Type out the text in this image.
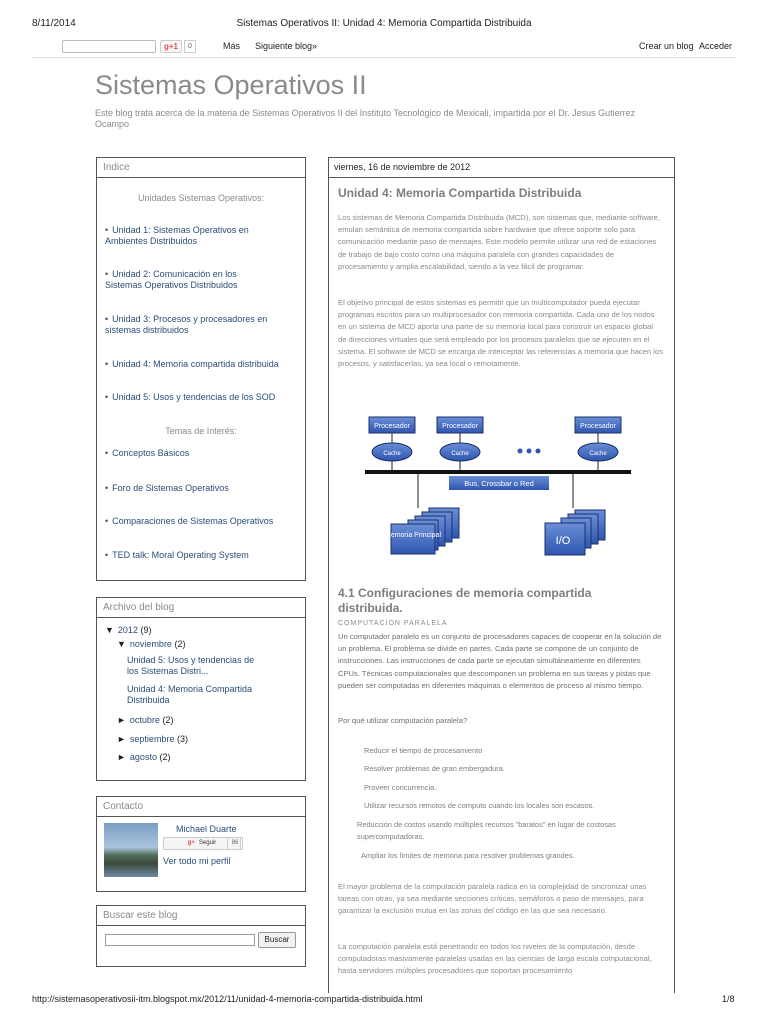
8/11/2014	Sistemas Operativos II: Unidad 4: Memoria Compartida Distribuida
g+1	0	Más Siguiente blog»	Crear un blog Acceder
Sistemas Operativos II
Este blog trata acerca de la materia de Sistemas Operativos II del Instituto Tecnológico de Mexicali, impartida por el Dr. Jesus Gutierrez Ocampo
Indice
Unidades Sistemas Operativos:
• Unidad 1: Sistemas Operativos en Ambientes Distribuidos
• Unidad 2: Comunicación en los Sistemas Operativos Distribuidos
• Unidad 3: Procesos y procesadores en sistemas distribuidos
• Unidad 4: Memoria compartida distribuida
• Unidad 5: Usos y tendencias de los SOD
Temas de Interés:
• Conceptos Básicos
• Foro de Sistemas Operativos
• Comparaciones de Sistemas Operativos
• TED talk: Moral Operating System
Archivo del blog
▼ 2012 (9)
▼ noviembre (2)
Unidad 5: Usos y tendencias de los Sistemas Distri...
Unidad 4: Memoria Compartida Distribuida
► octubre (2)
► septiembre (3)
► agosto (2)
Contacto
Michael Duarte
g+ Seguir	86
Ver todo mi perfil
Buscar este blog
Buscar
viernes, 16 de noviembre de 2012
Unidad 4: Memoria Compartida Distribuida
Los sistemas de Memoria Compartida Distribuida (MCD), son sistemas que, mediante software, emulan semántica de memoria compartida sobre hardware que ofrece soporte solo para comunicación mediante paso de mensajes. Este modelo permite utilizar una red de estaciones de trabajo de bajo costo como una máquina paralela con grandes capacidades de procesamiento y amplia escalabilidad, siendo a la vez fácil de programar.
El objetivo principal de estos sistemas es permitir que un multicomputador pueda ejecutar programas escritos para un multiprocesador con memoria compartida. Cada uno de los nodos en un sistema de MCD aporta una parte de su memoria local para construir un espacio global de direcciones virtuales que será empleado por los procesos paralelos que se ejecuten en el sistema. El software de MCD se encarga de interceptar las referencias a memoria que hacen los procesos, y satisfacerlas, ya sea local o remotamente.
Procesador	Procesador	Procesador
Cache	Cache	Cache
Bus, Crossbar o Red
Memoria Principal	I/O
4.1 Configuraciones de memoria compartida distribuida.
COMPUTACION PARALELA
Un computador paralelo es un conjunto de procesadores capaces de cooperar en la solución de un problema. El problema se divide en partes. Cada parte se compone de un conjunto de instrucciones. Las instrucciones de cada parte se ejecutan simultáneamente en diferentes CPUs. Técnicas computacionales que descomponen un problema en sus tareas y pistas que pueden ser computadas en diferentes máquinas o elementos de proceso al mismo tiempo.
Por qué utilizar computación paralela?
Reducir el tiempo de procesamiento
Resolver problemas de gran embergadura.
Proveer concurrencia.
Utilizar recursos remotos de computo cuando los locales son escasos.
Reducción de costos usando múltiples recursos "baratos" en lugar de costosas supercomputadoras.
Ampliar los límites de memoria para resolver problemas grandes.
El mayor problema de la computación paralela radica en la complejidad de sincronizar unas tareas con otras, ya sea mediante secciones críticas, semáforos o paso de mensajes, para garantizar la exclusión mutua en las zonas del código en las que sea necesario.
La computación paralela está penetrando en todos los niveles de la computación, desde computadoras masivamente paralelas usadas en las ciencias de larga escala computacional, hasta servidores múltiples procesadores que soportan procesamiento
http://sistemasoperativosii-itm.blogspot.mx/2012/11/unidad-4-memoria-compartida-distribuida.html	1/8
